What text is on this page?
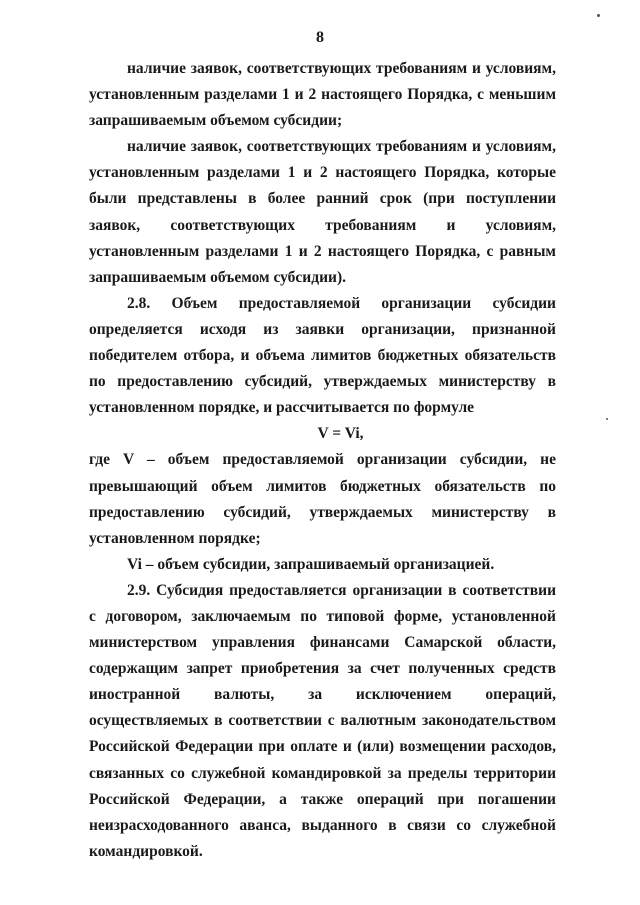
8

наличие заявок, соответствующих требованиям и условиям, установленным разделами 1 и 2 настоящего Порядка, с меньшим запрашиваемым объемом субсидии;

наличие заявок, соответствующих требованиям и условиям, установленным разделами 1 и 2 настоящего Порядка, которые были представлены в более ранний срок (при поступлении заявок, соответствующих требованиям и условиям, установленным разделами 1 и 2 настоящего Порядка, с равным запрашиваемым объемом субсидии).

2.8. Объем предоставляемой организации субсидии определяется исходя из заявки организации, признанной победителем отбора, и объема лимитов бюджетных обязательств по предоставлению субсидий, утверждаемых министерству в установленном порядке, и рассчитывается по формуле

V = Vi,

где V – объем предоставляемой организации субсидии, не превышающий объем лимитов бюджетных обязательств по предоставлению субсидий, утверждаемых министерству в установленном порядке;

Vi – объем субсидии, запрашиваемый организацией.

2.9. Субсидия предоставляется организации в соответствии с договором, заключаемым по типовой форме, установленной министерством управления финансами Самарской области, содержащим запрет приобретения за счет полученных средств иностранной валюты, за исключением операций, осуществляемых в соответствии с валютным законодательством Российской Федерации при оплате и (или) возмещении расходов, связанных со служебной командировкой за пределы территории Российской Федерации, а также операций при погашении неизрасходованного аванса, выданного в связи со служебной командировкой.
